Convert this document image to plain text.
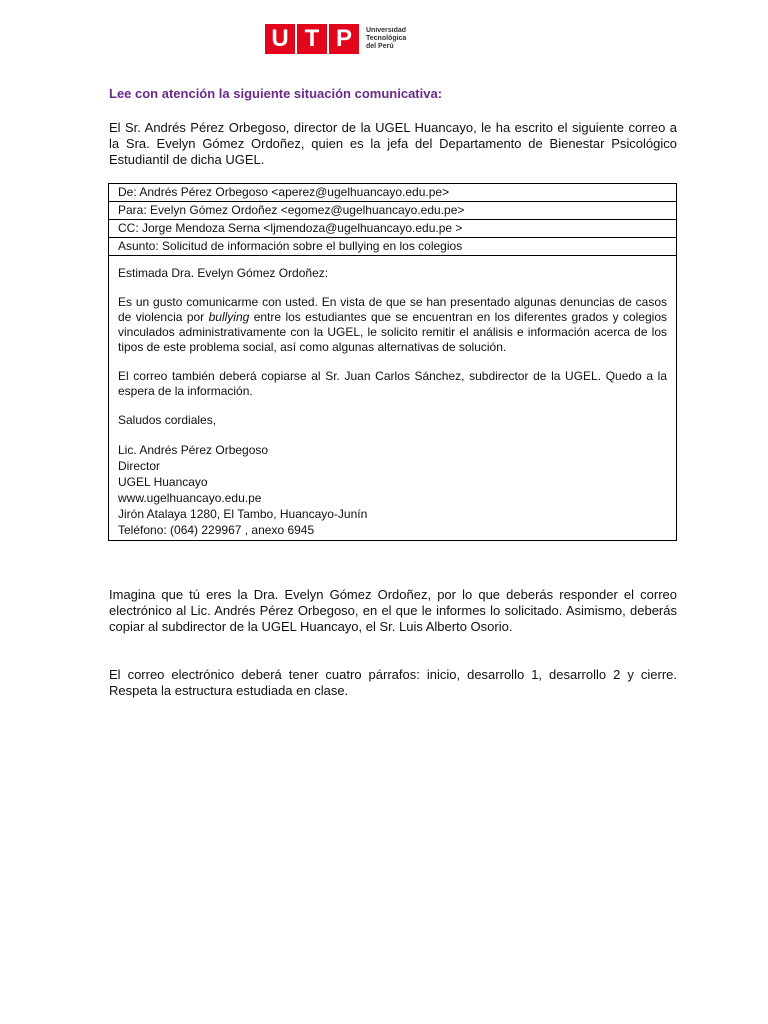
U T P	Universidad
Tecnológica
del Perú
Lee con atención la siguiente situación comunicativa:
El Sr. Andrés Pérez Orbegoso, director de la UGEL Huancayo, le ha escrito el siguiente correo a la Sra. Evelyn Gómez Ordoñez, quien es la jefa del Departamento de Bienestar Psicológico Estudiantil de dicha UGEL.
De: Andrés Pérez Orbegoso <aperez@ugelhuancayo.edu.pe>
Para: Evelyn Gómez Ordoñez <egomez@ugelhuancayo.edu.pe>
CC: Jorge Mendoza Serna <ljmendoza@ugelhuancayo.edu.pe >
Asunto: Solicitud de información sobre el bullying en los colegios

Estimada Dra. Evelyn Gómez Ordoñez:
Es un gusto comunicarme con usted. En vista de que se han presentado algunas denuncias de casos de violencia por bullying entre los estudiantes que se encuentran en los diferentes grados y colegios vinculados administrativamente con la UGEL, le solicito remitir el análisis e información acerca de los tipos de este problema social, así como algunas alternativas de solución.
El correo también deberá copiarse al Sr. Juan Carlos Sánchez, subdirector de la UGEL. Quedo a la espera de la información.
Saludos cordiales,
Lic. Andrés Pérez Orbegoso
Director
UGEL Huancayo
www.ugelhuancayo.edu.pe
Jirón Atalaya 1280, El Tambo, Huancayo-Junín
Teléfono: (064) 229967 , anexo 6945
Imagina que tú eres la Dra. Evelyn Gómez Ordoñez, por lo que deberás responder el correo electrónico al Lic. Andrés Pérez Orbegoso, en el que le informes lo solicitado. Asimismo, deberás copiar al subdirector de la UGEL Huancayo, el Sr. Luis Alberto Osorio.
El correo electrónico deberá tener cuatro párrafos: inicio, desarrollo 1, desarrollo 2 y cierre. Respeta la estructura estudiada en clase.
